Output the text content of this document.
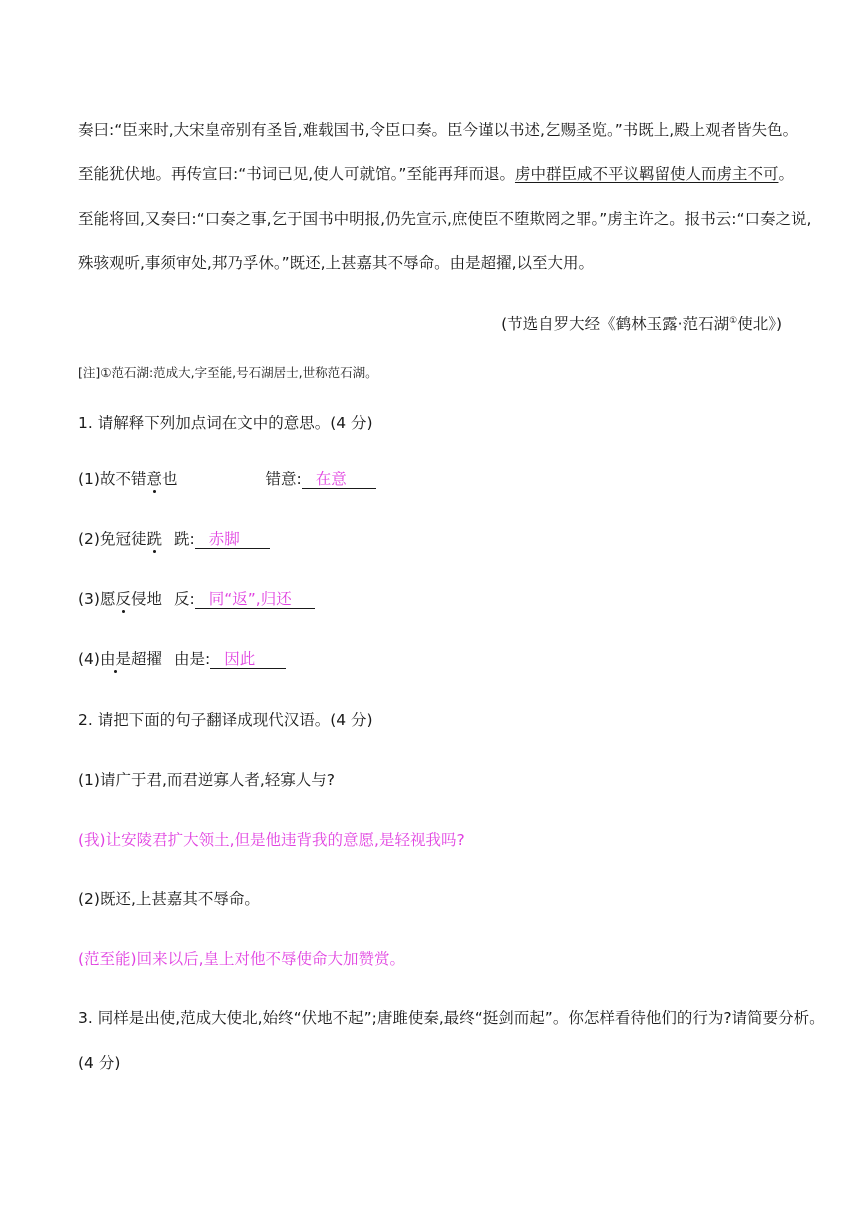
奏曰:“臣来时,大宋皇帝别有圣旨,难载国书,令臣口奏。臣今谨以书述,乞赐圣览。”书既上,殿上观者皆失色。
至能犹伏地。再传宣曰:“书词已见,使人可就馆。”至能再拜而退。虏中群臣咸不平议羁留使人而虏主不可。
至能将回,又奏曰:“口奏之事,乞于国书中明报,仍先宣示,庶使臣不堕欺罔之罪。”虏主许之。报书云:“口奏之说,
殊骇观听,事须审处,邦乃孚休。”既还,上甚嘉其不辱命。由是超擢,以至大用。
(节选自罗大经《鹤林玉露·范石湖①使北》)
[注]①范石湖:范成大,字至能,号石湖居士,世称范石湖。
1. 请解释下列加点词在文中的意思。(4 分)
(1)故不错意也	错意: 在意
(2)免冠徒跣 跣: 赤脚
(3)愿反侵地 反: 同“返”,归还
(4)由是超擢 由是: 因此
2. 请把下面的句子翻译成现代汉语。(4 分)
(1)请广于君,而君逆寡人者,轻寡人与?
(我)让安陵君扩大领土,但是他违背我的意愿,是轻视我吗?
(2)既还,上甚嘉其不辱命。
(范至能)回来以后,皇上对他不辱使命大加赞赏。
3. 同样是出使,范成大使北,始终“伏地不起”;唐雎使秦,最终“挺剑而起”。你怎样看待他们的行为?请简要分析。
(4 分)
